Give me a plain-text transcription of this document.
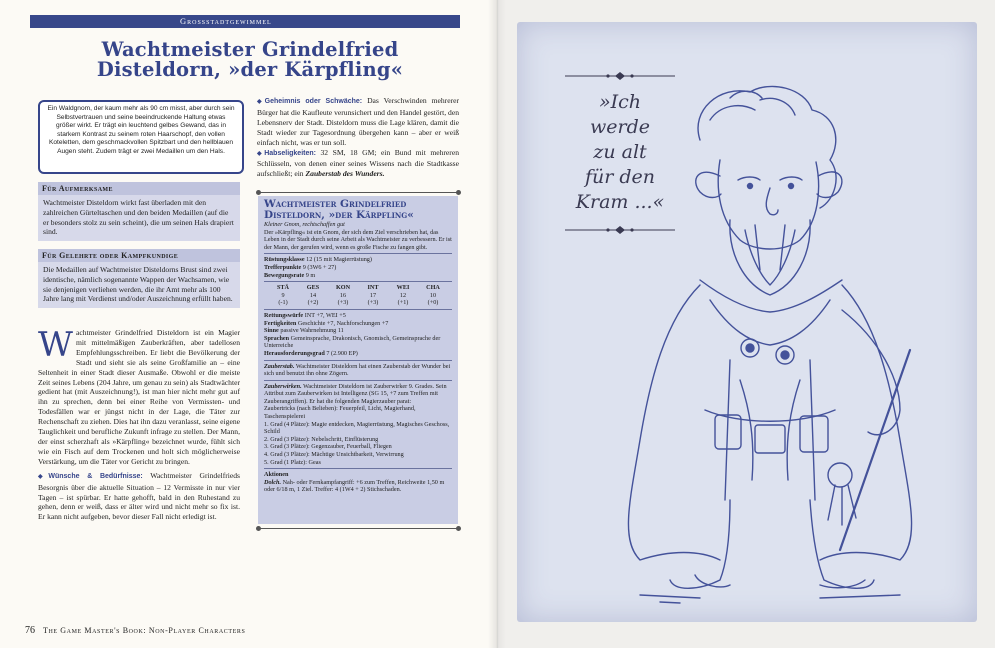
Grossstadtgewimmel
Wachtmeister Grindelfried
Disteldorn, »der Kärpfling«
Ein Waldgnom, der kaum mehr als 90 cm misst, aber durch sein Selbstvertrauen und seine beeindruckende Haltung etwas größer wirkt. Er trägt ein leuchtend gelbes Gewand, das in starkem Kontrast zu seinem roten Haarschopf, den vollen Koteletten, dem geschmackvollen Spitzbart und den hellblauen Augen steht. Zudem trägt er zwei Medaillen um den Hals.
Für Aufmerksame
Wachtmeister Disteldorn wirkt fast überladen mit den zahlreichen Gürteltaschen und den beiden Medaillen (auf die er besonders stolz zu sein scheint), die um seinen Hals drapiert sind.
Für Gelehrte oder Kampfkundige
Die Medaillen auf Wachtmeister Disteldorns Brust sind zwei identische, nämlich sogenannte Wappen der Wachsamen, wie sie denjenigen verliehen werden, die ihr Amt mehr als 100 Jahre lang mit Verdienst und/oder Auszeichnung erfüllt haben.
Wachtmeister Grindelfried Disteldorn ist ein Magier mit mittelmäßigen Zauberkräften, aber tadellosen Empfehlungsschreiben. Er liebt die Bevölkerung der Stadt und sieht sie als seine Großfamilie an – eine Seltenheit in einer Stadt dieser Ausmaße. Obwohl er die meiste Zeit seines Lebens (204 Jahre, um genau zu sein) als Stadtwächter gedient hat (mit Auszeichnung!), ist man hier nicht mehr gut auf ihn zu sprechen, denn bei einer Reihe von Vermissten- und Todesfällen war er jüngst nicht in der Lage, die Täter zur Rechenschaft zu ziehen. Dies hat ihn dazu veranlasst, seine eigene Tauglichkeit und berufliche Zukunft infrage zu stellen. Der Mann, der einst scherzhaft als »Kärpfling« bezeichnet wurde, fühlt sich wie ein Fisch auf dem Trockenen und holt sich möglicherweise Verstärkung, um die Täter vor Gericht zu bringen.
◆ Wünsche & Bedürfnisse: Wachtmeister Grindelfrieds Besorgnis über die aktuelle Situation – 12 Vermisste in nur vier Tagen – ist spürbar. Er hatte gehofft, bald in den Ruhestand zu gehen, denn er weiß, dass er älter wird und nicht mehr so fix ist. Er kann nicht aufgeben, bevor dieser Fall nicht erledigt ist.
◆ Geheimnis oder Schwäche: Das Verschwinden mehrerer Bürger hat die Kaufleute verunsichert und den Handel gestört, den Lebensnerv der Stadt. Disteldorn muss die Lage klären, damit die Stadt wieder zur Tagesordnung übergehen kann – aber er weiß einfach nicht, was er tun soll.
◆ Habseligkeiten: 32 SM, 18 GM; ein Bund mit mehreren Schlüsseln, von denen einer seines Wissens nach die Stadtkasse aufschließt; ein Zauberstab des Wunders.
Wachtmeister Grindelfried Disteldorn, »der Kärpfling«
Kleiner Gnom, rechtschaffen gut
Der »Kärpfling« ist ein Gnom, der sich dem Ziel verschrieben hat, das Leben in der Stadt durch seine Arbeit als Wachtmeister zu verbessern. Er ist der Mann, der gerufen wird, wenn es große Fische zu fangen gibt.
Rüstungsklasse 12 (15 mit Magierrüstung)
Trefferpunkte 9 (3W6 + 27)
Bewegungsrate 9 m
STÄ
9
(-1)
GES
14
(+2)
KON
16
(+3)
INT
17
(+3)
WEI
12
(+1)
CHA
10
(+0)
Rettungswürfe INT +7, WEI +5
Fertigkeiten Geschichte +7, Nachforschungen +7
Sinne passive Wahrnehmung 11
Sprachen Gemeinsprache, Drakonisch, Gnomisch, Gemeinsprache der Unterreiche
Herausforderungsgrad 7 (2.900 EP)
Zauberstab. Wachtmeister Disteldorn hat einen Zauberstab der Wunder bei sich und benutzt ihn ohne Zögern.
Zauberwirken. Wachtmeister Disteldorn ist Zauberwirker 9. Grades. Sein Attribut zum Zauberwirken ist Intelligenz (SG 15, +7 zum Treffen mit Zauberangriffen). Er hat die folgenden Magierzauber parat:
Zaubertricks (nach Belieben): Feuerpfeil, Licht, Magierhand, Taschenspielerei
1. Grad (4 Plätze): Magie entdecken, Magierrüstung, Magisches Geschoss, Schild
2. Grad (3 Plätze): Nebelschritt, Einflüsterung
3. Grad (3 Plätze): Gegenzauber, Feuerball, Fliegen
4. Grad (3 Plätze): Mächtige Unsichtbarkeit, Verwirrung
5. Grad (1 Platz): Geas
Aktionen
Dolch. Nah- oder Fernkampfangriff: +6 zum Treffen, Reichweite 1,50 m oder 6/18 m, 1 Ziel. Treffer: 4 (1W4 + 2) Stichschaden.
76 The Game Master's Book: Non-Player Characters
»Ich
werde
zu alt
für den
Kram ...«
